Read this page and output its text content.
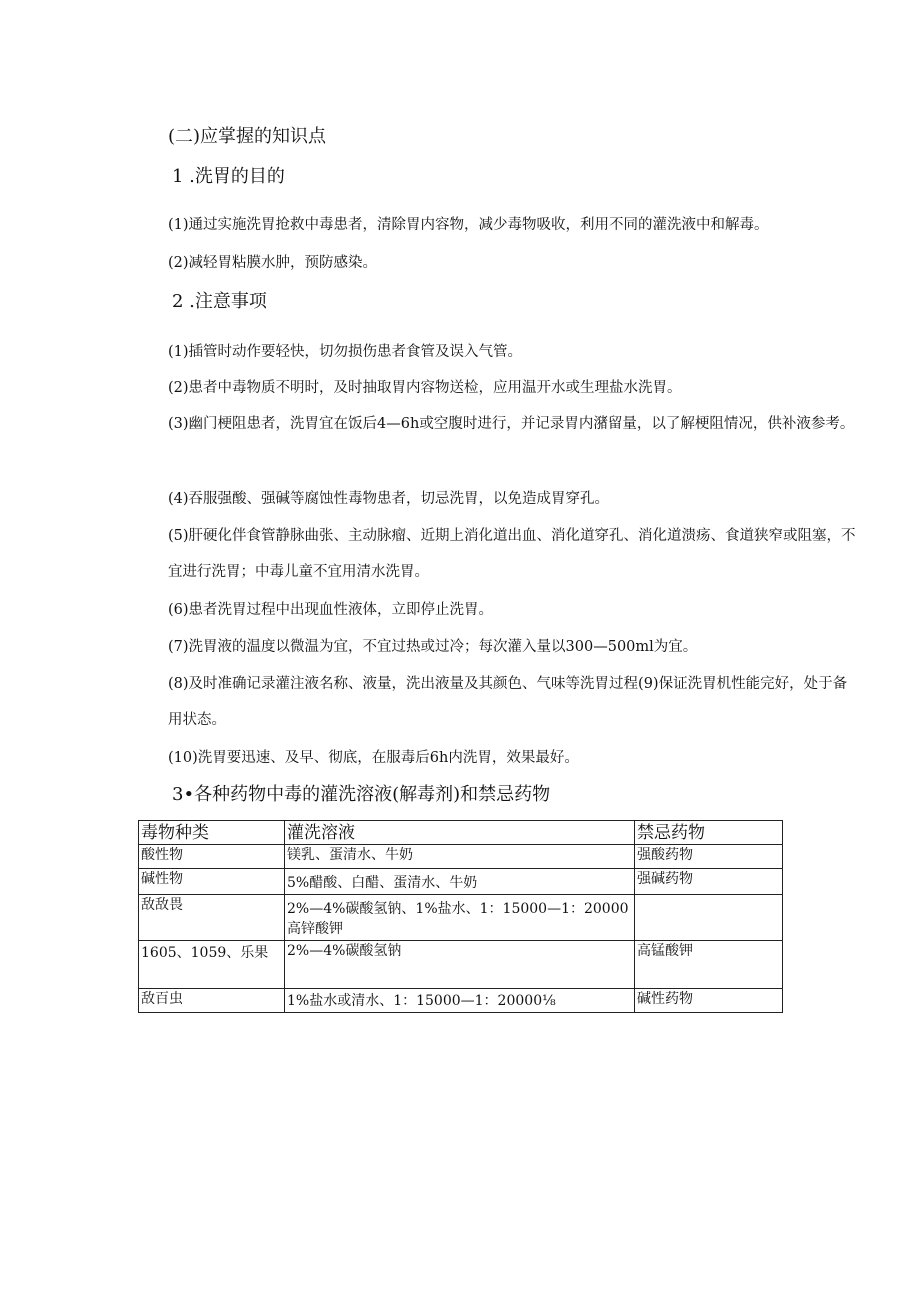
(二)应掌握的知识点
1 .洗胃的目的
(1)通过实施洗胃抢救中毒患者，清除胃内容物，减少毒物吸收，利用不同的灌洗液中和解毒。
(2)减轻胃粘膜水肿，预防感染。
2 .注意事项
(1)插管时动作要轻快，切勿损伤患者食管及误入气管。
(2)患者中毒物质不明时，及时抽取胃内容物送检，应用温开水或生理盐水洗胃。
(3)幽门梗阻患者，洗胃宜在饭后4—6h或空腹时进行，并记录胃内潴留量，以了解梗阻情况，供补液参考。
(4)吞服强酸、强碱等腐蚀性毒物患者，切忌洗胃，以免造成胃穿孔。
(5)肝硬化伴食管静脉曲张、主动脉瘤、近期上消化道出血、消化道穿孔、消化道溃疡、食道狭窄或阻塞，不宜进行洗胃；中毒儿童不宜用清水洗胃。
(6)患者洗胃过程中出现血性液体，立即停止洗胃。
(7)洗胃液的温度以微温为宜，不宜过热或过冷；每次灌入量以300—500ml为宜。
(8)及时准确记录灌注液名称、液量，洗出液量及其颜色、气味等洗胃过程(9)保证洗胃机性能完好，处于备用状态。
(10)洗胃要迅速、及早、彻底，在服毒后6h内洗胃，效果最好。
3•各种药物中毒的灌洗溶液(解毒剂)和禁忌药物
毒物种类	灌洗溶液	禁忌药物
酸性物	镁乳、蛋清水、牛奶	强酸药物
碱性物	5%醋酸、白醋、蛋清水、牛奶	强碱药物
敌敌畏	2%—4%碳酸氢钠、1%盐水、1：15000—1：20000高锌酸钾	
1605、1059、乐果	2%—4%碳酸氢钠	高锰酸钾
敌百虫	1%盐水或清水、1：15000—1：20000⅛	碱性药物
